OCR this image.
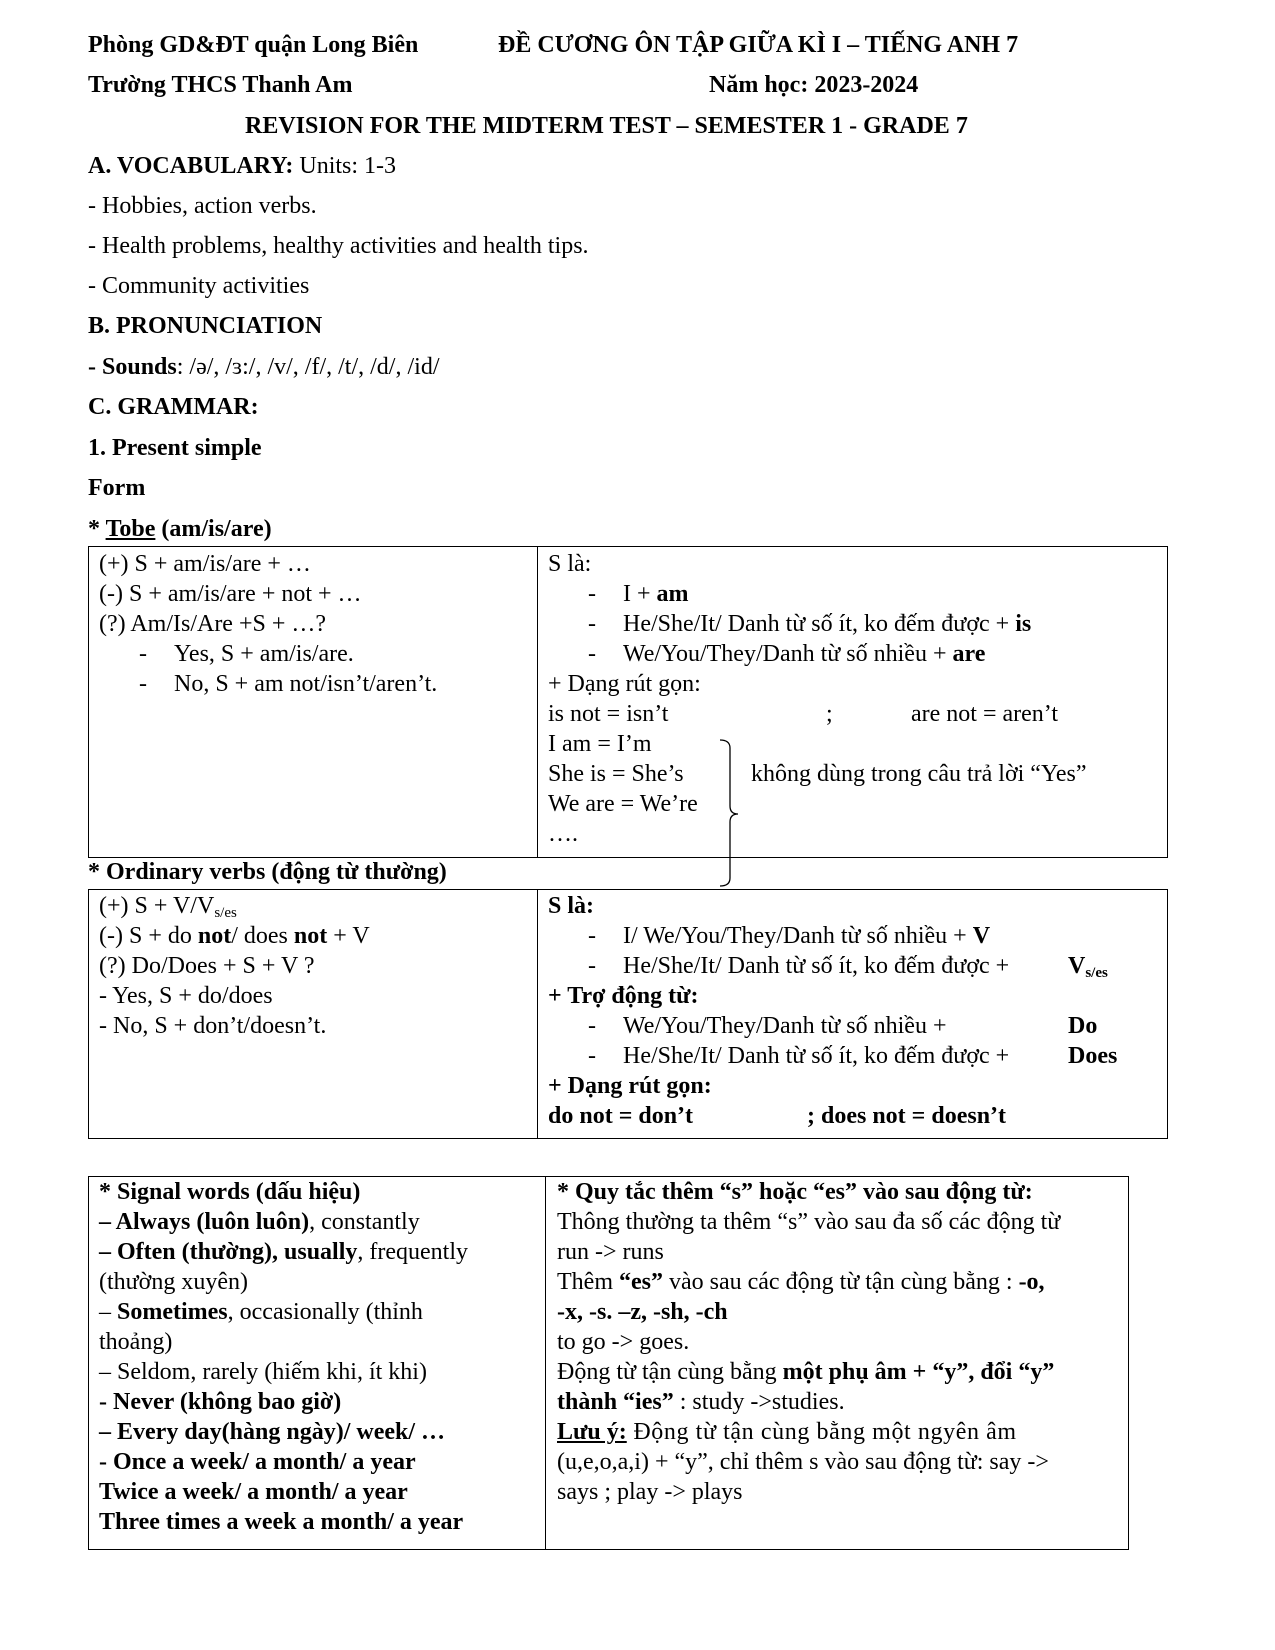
Phòng GD&ĐT quận Long Biên	ĐỀ CƯƠNG ÔN TẬP GIỮA KÌ I – TIẾNG ANH 7
Trường THCS Thanh Am	Năm học: 2023-2024
REVISION FOR THE MIDTERM TEST – SEMESTER 1 - GRADE 7
A. VOCABULARY: Units: 1-3
- Hobbies, action verbs.
- Health problems, healthy activities and health tips.
- Community activities
B. PRONUNCIATION
- Sounds: /ə/, /ɜ:/, /v/, /f/, /t/, /d/, /id/
C. GRAMMAR:
1. Present simple
Form
* Tobe (am/is/are)
(+) S + am/is/are + …
(-) S + am/is/are + not + …
(?) Am/Is/Are +S + …?
- Yes, S + am/is/are.
- No, S + am not/isn’t/aren’t.
S là:
- I + am
- He/She/It/ Danh từ số ít, ko đếm được + is
- We/You/They/Danh từ số nhiều + are
+ Dạng rút gọn:
is not = isn’t	;	are not = aren’t
I am = I’m
She is = She’s	không dùng trong câu trả lời “Yes”
We are = We’re
….
* Ordinary verbs (động từ thường)
(+) $S + V/V_{s/es}$
(-) S + do not/ does not + V
(?) Do/Does + S + V ?
- Yes, S + do/does
- No, S + don’t/doesn’t.
S là:
- I/ We/You/They/Danh từ số nhiều + V
- He/She/It/ Danh từ số ít, ko đếm được + $V_{s/es}$
+ Trợ động từ:
- We/You/They/Danh từ số nhiều +	Do
- He/She/It/ Danh từ số ít, ko đếm được + Does
+ Dạng rút gọn:
do not = don’t	; does not = doesn’t
* Signal words (dấu hiệu)
– Always (luôn luôn), constantly
– Often (thường), usually, frequently
(thường xuyên)
– Sometimes, occasionally (thỉnh
thoảng)
– Seldom, rarely (hiếm khi, ít khi)
- Never (không bao giờ)
– Every day(hàng ngày)/ week/ …
- Once a week/ a month/ a year
Twice a week/ a month/ a year
Three times a week a month/ a year
* Quy tắc thêm “s” hoặc “es” vào sau động từ:
Thông thường ta thêm “s” vào sau đa số các động từ
run -> runs
Thêm “es” vào sau các động từ tận cùng bằng : -o,
-x, -s. –z, -sh, -ch
to go -> goes.
Động từ tận cùng bằng một phụ âm + “y”, đổi “y”
thành “ies” : study ->studies.
Lưu ý: Động từ tận cùng bằng một ngyên âm
(u,e,o,a,i) + “y”, chỉ thêm s vào sau động từ: say ->
says ; play -> plays
